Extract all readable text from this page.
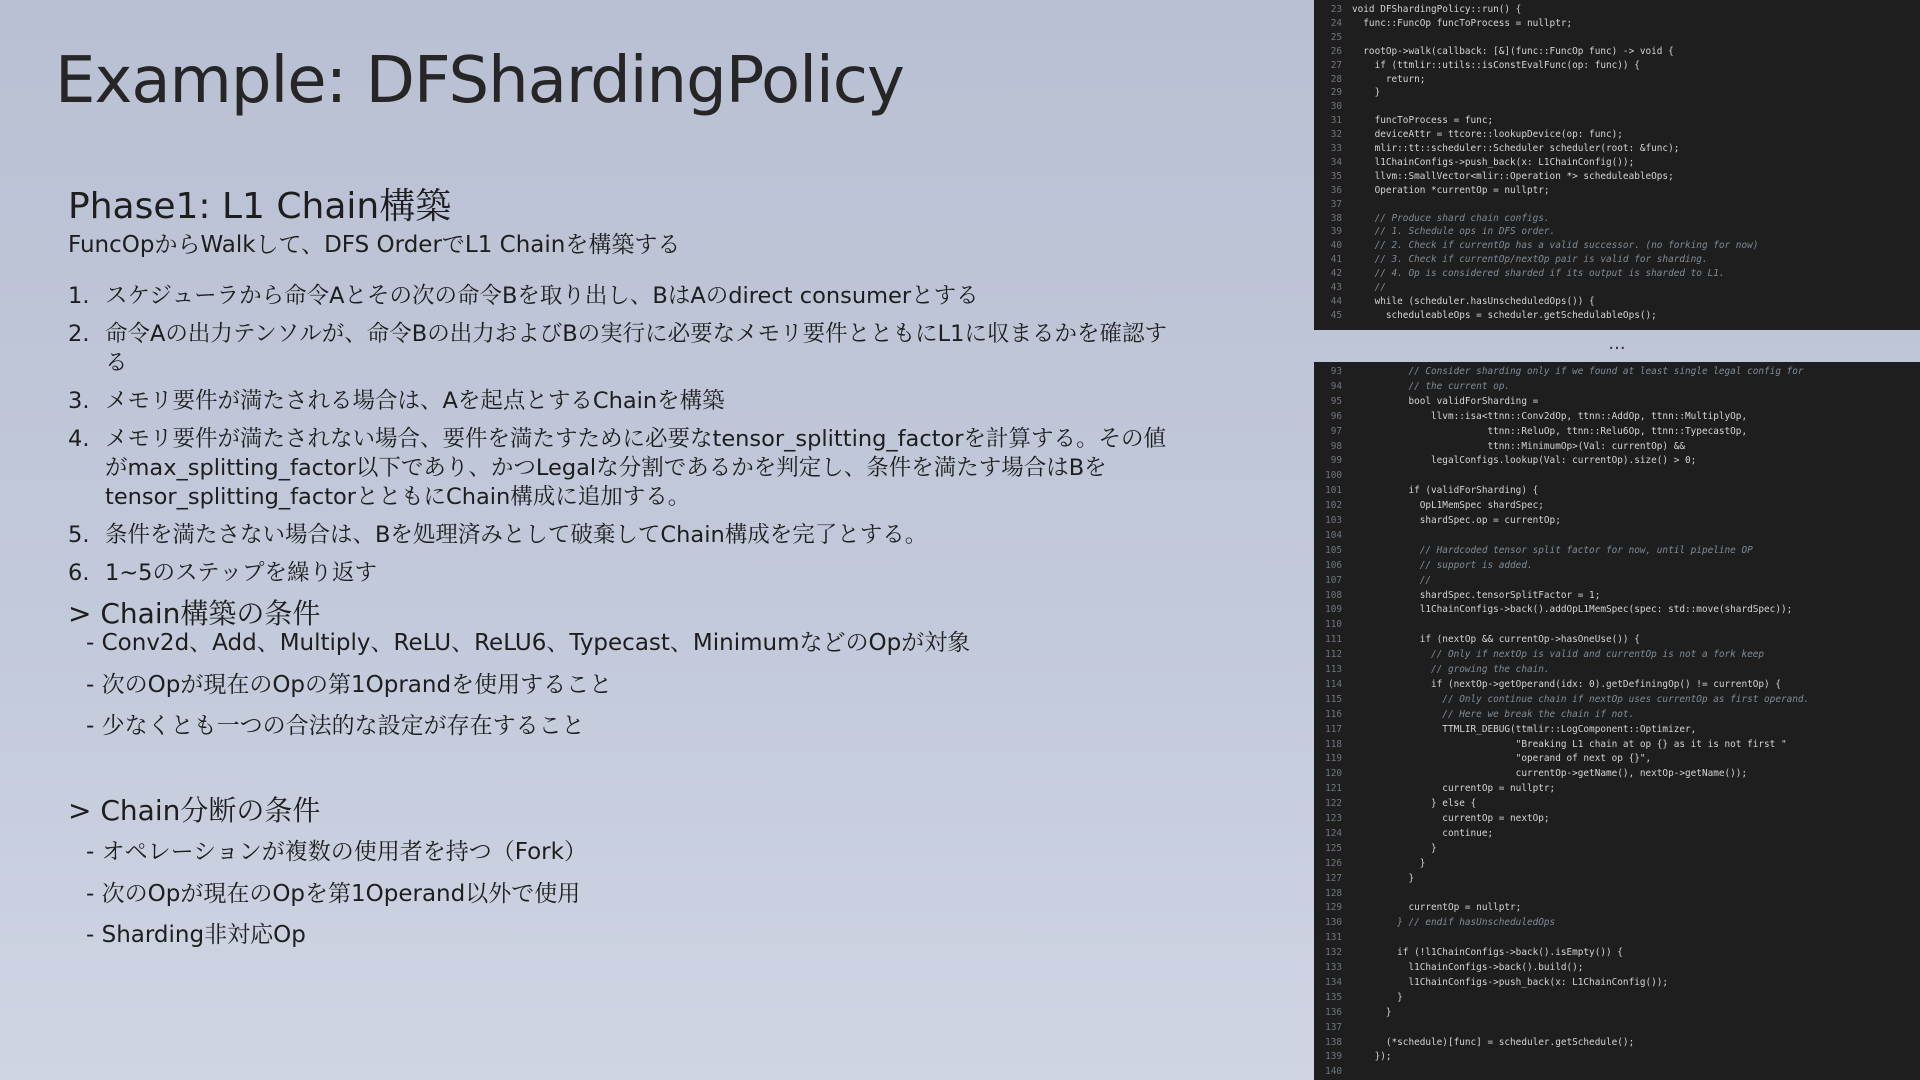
Example: DFShardingPolicy
Phase1: L1 Chain構築
FuncOpからWalkして、DFS OrderでL1 Chainを構築する
1. スケジューラから命令Aとその次の命令Bを取り出し、BはAのdirect consumerとする
2. 命令Aの出力テンソルが、命令Bの出力およびBの実行に必要なメモリ要件とともにL1に収まるかを確認する
3. メモリ要件が満たされる場合は、Aを起点とするChainを構築
4. メモリ要件が満たされない場合、要件を満たすために必要なtensor_splitting_factorを計算する。その値がmax_splitting_factor以下であり、かつLegalな分割であるかを判定し、条件を満たす場合はBをtensor_splitting_factorとともにChain構成に追加する。
5. 条件を満たさない場合は、Bを処理済みとして破棄してChain構成を完了とする。
6. 1~5のステップを繰り返す
> Chain構築の条件
- Conv2d、Add、Multiply、ReLU、ReLU6、Typecast、MinimumなどのOpが対象
- 次のOpが現在のOpの第1Oprandを使用すること
- 少なくとも一つの合法的な設定が存在すること
> Chain分断の条件
- オペレーションが複数の使用者を持つ（Fork）
- 次のOpが現在のOpを第1Operand以外で使用
- Sharding非対応Op
23 void DFShardingPolicy::run() {
24  func::FuncOp funcToProcess = nullptr;
25
26  rootOp->walk(callback: [&](func::FuncOp func) -> void {
27    if (ttmlir::utils::isConstEvalFunc(op: func)) {
28      return;
29    }
30
31    funcToProcess = func;
32    deviceAttr = ttcore::lookupDevice(op: func);
33    mlir::tt::scheduler::Scheduler scheduler(root: &func);
34    l1ChainConfigs->push_back(x: L1ChainConfig());
35    llvm::SmallVector<mlir::Operation *> scheduleableOps;
36    Operation *currentOp = nullptr;
37
38    // Produce shard chain configs.
39    // 1. Schedule ops in DFS order.
40    // 2. Check if currentOp has a valid successor. (no forking for now)
41    // 3. Check if currentOp/nextOp pair is valid for sharding.
42    // 4. Op is considered sharded if its output is sharded to L1.
43    //
44    while (scheduler.hasUnscheduledOps()) {
45      scheduleableOps = scheduler.getSchedulableOps();
...
93          // Consider sharding only if we found at least single legal config for
94          // the current op.
95          bool validForSharding =
96              llvm::isa<ttnn::Conv2dOp, ttnn::AddOp, ttnn::MultiplyOp,
97                        ttnn::ReluOp, ttnn::Relu6Op, ttnn::TypecastOp,
98                        ttnn::MinimumOp>(Val: currentOp) &&
99              legalConfigs.lookup(Val: currentOp).size() > 0;
100
101          if (validForSharding) {
102            OpL1MemSpec shardSpec;
103            shardSpec.op = currentOp;
104
105            // Hardcoded tensor split factor for now, until pipeline OP
106            // support is added.
107            //
108            shardSpec.tensorSplitFactor = 1;
109            l1ChainConfigs->back().addOpL1MemSpec(spec: std::move(shardSpec));
110
111            if (nextOp && currentOp->hasOneUse()) {
112              // Only if nextOp is valid and currentOp is not a fork keep
113              // growing the chain.
114              if (nextOp->getOperand(idx: 0).getDefiningOp() != currentOp) {
115                // Only continue chain if nextOp uses currentOp as first operand.
116                // Here we break the chain if not.
117                TTMLIR_DEBUG(ttmlir::LogComponent::Optimizer,
118                             "Breaking L1 chain at op {} as it is not first "
119                             "operand of next op {}",
120                             currentOp->getName(), nextOp->getName());
121                currentOp = nullptr;
122              } else {
123                currentOp = nextOp;
124                continue;
125              }
126            }
127          }
128
129          currentOp = nullptr;
130        } // endif hasUnscheduledOps
131
132        if (!l1ChainConfigs->back().isEmpty()) {
133          l1ChainConfigs->back().build();
134          l1ChainConfigs->push_back(x: L1ChainConfig());
135        }
136      }
137
138      (*schedule)[func] = scheduler.getSchedule();
139    });
140
